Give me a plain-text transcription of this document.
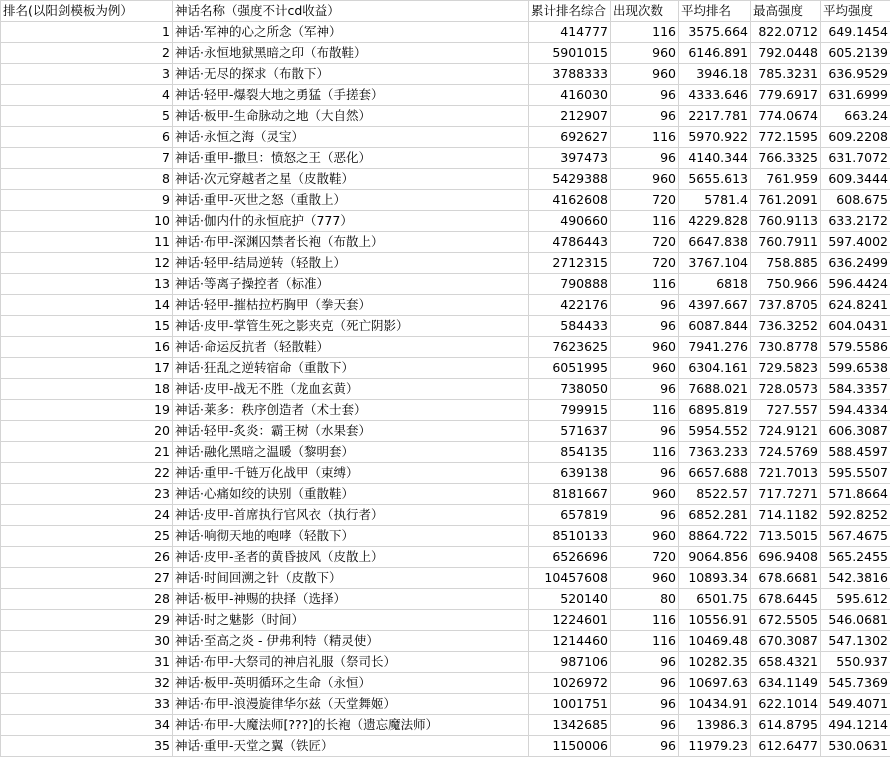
排名(以阳剑模板为例）	神话名称（强度不计cd收益）	累计排名综合	出现次数	平均排名	最高强度	平均强度
1	神话·军神的心之所念（军神）	414777	116	3575.664	822.0712	649.1454
2	神话·永恒地狱黑暗之印（布散鞋）	5901015	960	6146.891	792.0448	605.2139
3	神话·无尽的探求（布散下）	3788333	960	3946.18	785.3231	636.9529
4	神话·轻甲-爆裂大地之勇猛（手搓套）	416030	96	4333.646	779.6917	631.6999
5	神话·板甲-生命脉动之地（大自然）	212907	96	2217.781	774.0674	663.24
6	神话·永恒之海（灵宝）	692627	116	5970.922	772.1595	609.2208
7	神话·重甲-撒旦：愤怒之王（恶化）	397473	96	4140.344	766.3325	631.7072
8	神话·次元穿越者之星（皮散鞋）	5429388	960	5655.613	761.959	609.3444
9	神话·重甲-灭世之怒（重散上）	4162608	720	5781.4	761.2091	608.675
10	神话·伽内什的永恒庇护（777）	490660	116	4229.828	760.9113	633.2172
11	神话·布甲-深渊囚禁者长袍（布散上）	4786443	720	6647.838	760.7911	597.4002
12	神话·轻甲-结局逆转（轻散上）	2712315	720	3767.104	758.885	636.2499
13	神话·等离子操控者（标准）	790888	116	6818	750.966	596.4424
14	神话·轻甲-摧枯拉朽胸甲（拳天套）	422176	96	4397.667	737.8705	624.8241
15	神话·皮甲-掌管生死之影夹克（死亡阴影）	584433	96	6087.844	736.3252	604.0431
16	神话·命运反抗者（轻散鞋）	7623625	960	7941.276	730.8778	579.5586
17	神话·狂乱之逆转宿命（重散下）	6051995	960	6304.161	729.5823	599.6538
18	神话·皮甲-战无不胜（龙血玄黄）	738050	96	7688.021	728.0573	584.3357
19	神话·莱多：秩序创造者（术士套）	799915	116	6895.819	727.557	594.4334
20	神话·轻甲-炙炎：霸王树（水果套）	571637	96	5954.552	724.9121	606.3087
21	神话·融化黑暗之温暖（黎明套）	854135	116	7363.233	724.5769	588.4597
22	神话·重甲-千链万化战甲（束缚）	639138	96	6657.688	721.7013	595.5507
23	神话·心痛如绞的诀别（重散鞋）	8181667	960	8522.57	717.7271	571.8664
24	神话·皮甲-首席执行官风衣（执行者）	657819	96	6852.281	714.1182	592.8252
25	神话·响彻天地的咆哮（轻散下）	8510133	960	8864.722	713.5015	567.4675
26	神话·皮甲-圣者的黄昏披风（皮散上）	6526696	720	9064.856	696.9408	565.2455
27	神话·时间回溯之针（皮散下）	10457608	960	10893.34	678.6681	542.3816
28	神话·板甲-神赐的抉择（选择）	520140	80	6501.75	678.6445	595.612
29	神话·时之魅影（时间）	1224601	116	10556.91	672.5505	546.0681
30	神话·至高之炎 - 伊弗利特（精灵使）	1214460	116	10469.48	670.3087	547.1302
31	神话·布甲-大祭司的神启礼服（祭司长）	987106	96	10282.35	658.4321	550.937
32	神话·板甲-英明循环之生命（永恒）	1026972	96	10697.63	634.1149	545.7369
33	神话·布甲-浪漫旋律华尔兹（天堂舞姬）	1001751	96	10434.91	622.1014	549.4071
34	神话·布甲-大魔法师[???]的长袍（遗忘魔法师）	1342685	96	13986.3	614.8795	494.1214
35	神话·重甲-天堂之翼（铁匠）	1150006	96	11979.23	612.6477	530.0631
